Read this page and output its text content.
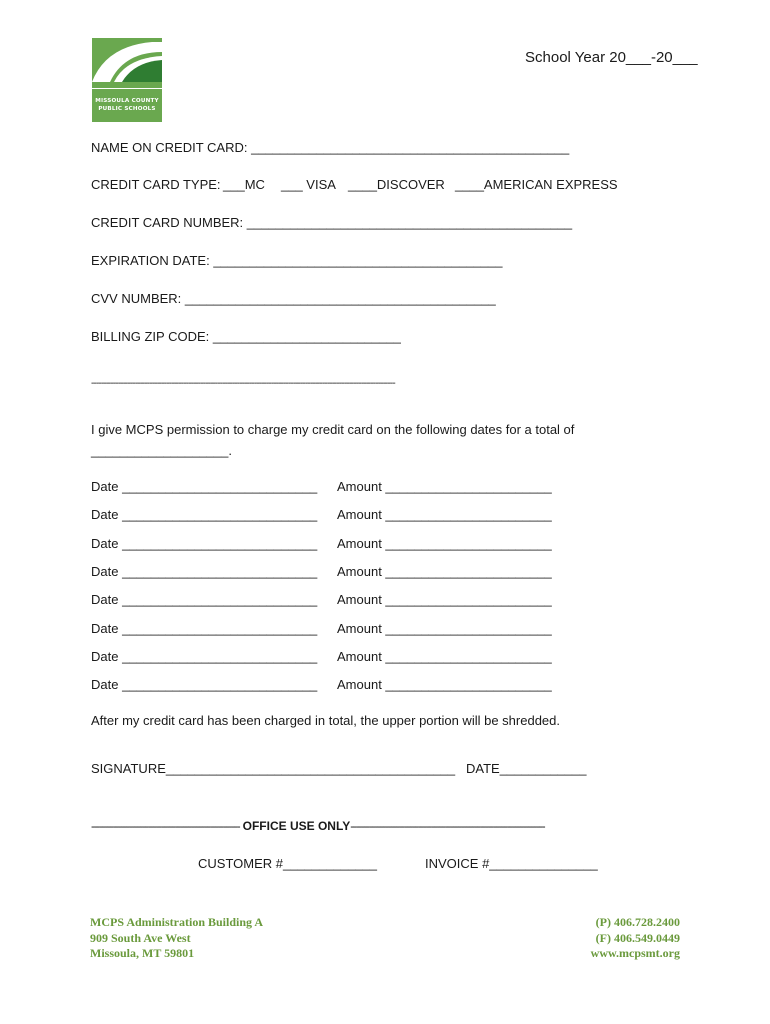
MISSOULA COUNTY
PUBLIC SCHOOLS
School Year 20___-20___
NAME ON CREDIT CARD: ____________________________________________
CREDIT CARD TYPE: ___MC ___ VISA ____DISCOVER ____AMERICAN EXPRESS
CREDIT CARD NUMBER: _____________________________________________
EXPIRATION DATE: ________________________________________
CVV NUMBER: ___________________________________________
BILLING ZIP CODE: __________________________
-----------------------------------------------------------------------------------------------------------------------------
I give MCPS permission to charge my credit card on the following dates for a total of
___________________.
Date ___________________________ Amount _______________________
Date ___________________________ Amount _______________________
Date ___________________________ Amount _______________________
Date ___________________________ Amount _______________________
Date ___________________________ Amount _______________________
Date ___________________________ Amount _______________________
Date ___________________________ Amount _______________________
Date ___________________________ Amount _______________________
After my credit card has been charged in total, the upper portion will be shredded.
SIGNATURE________________________________________ DATE____________
------------------------------------------------------- OFFICE USE ONLY------------------------------------------------------------------------
CUSTOMER #_____________	INVOICE #_______________
MCPS Administration Building A
909 South Ave West
Missoula, MT 59801
(P) 406.728.2400
(F) 406.549.0449
www.mcpsmt.org
